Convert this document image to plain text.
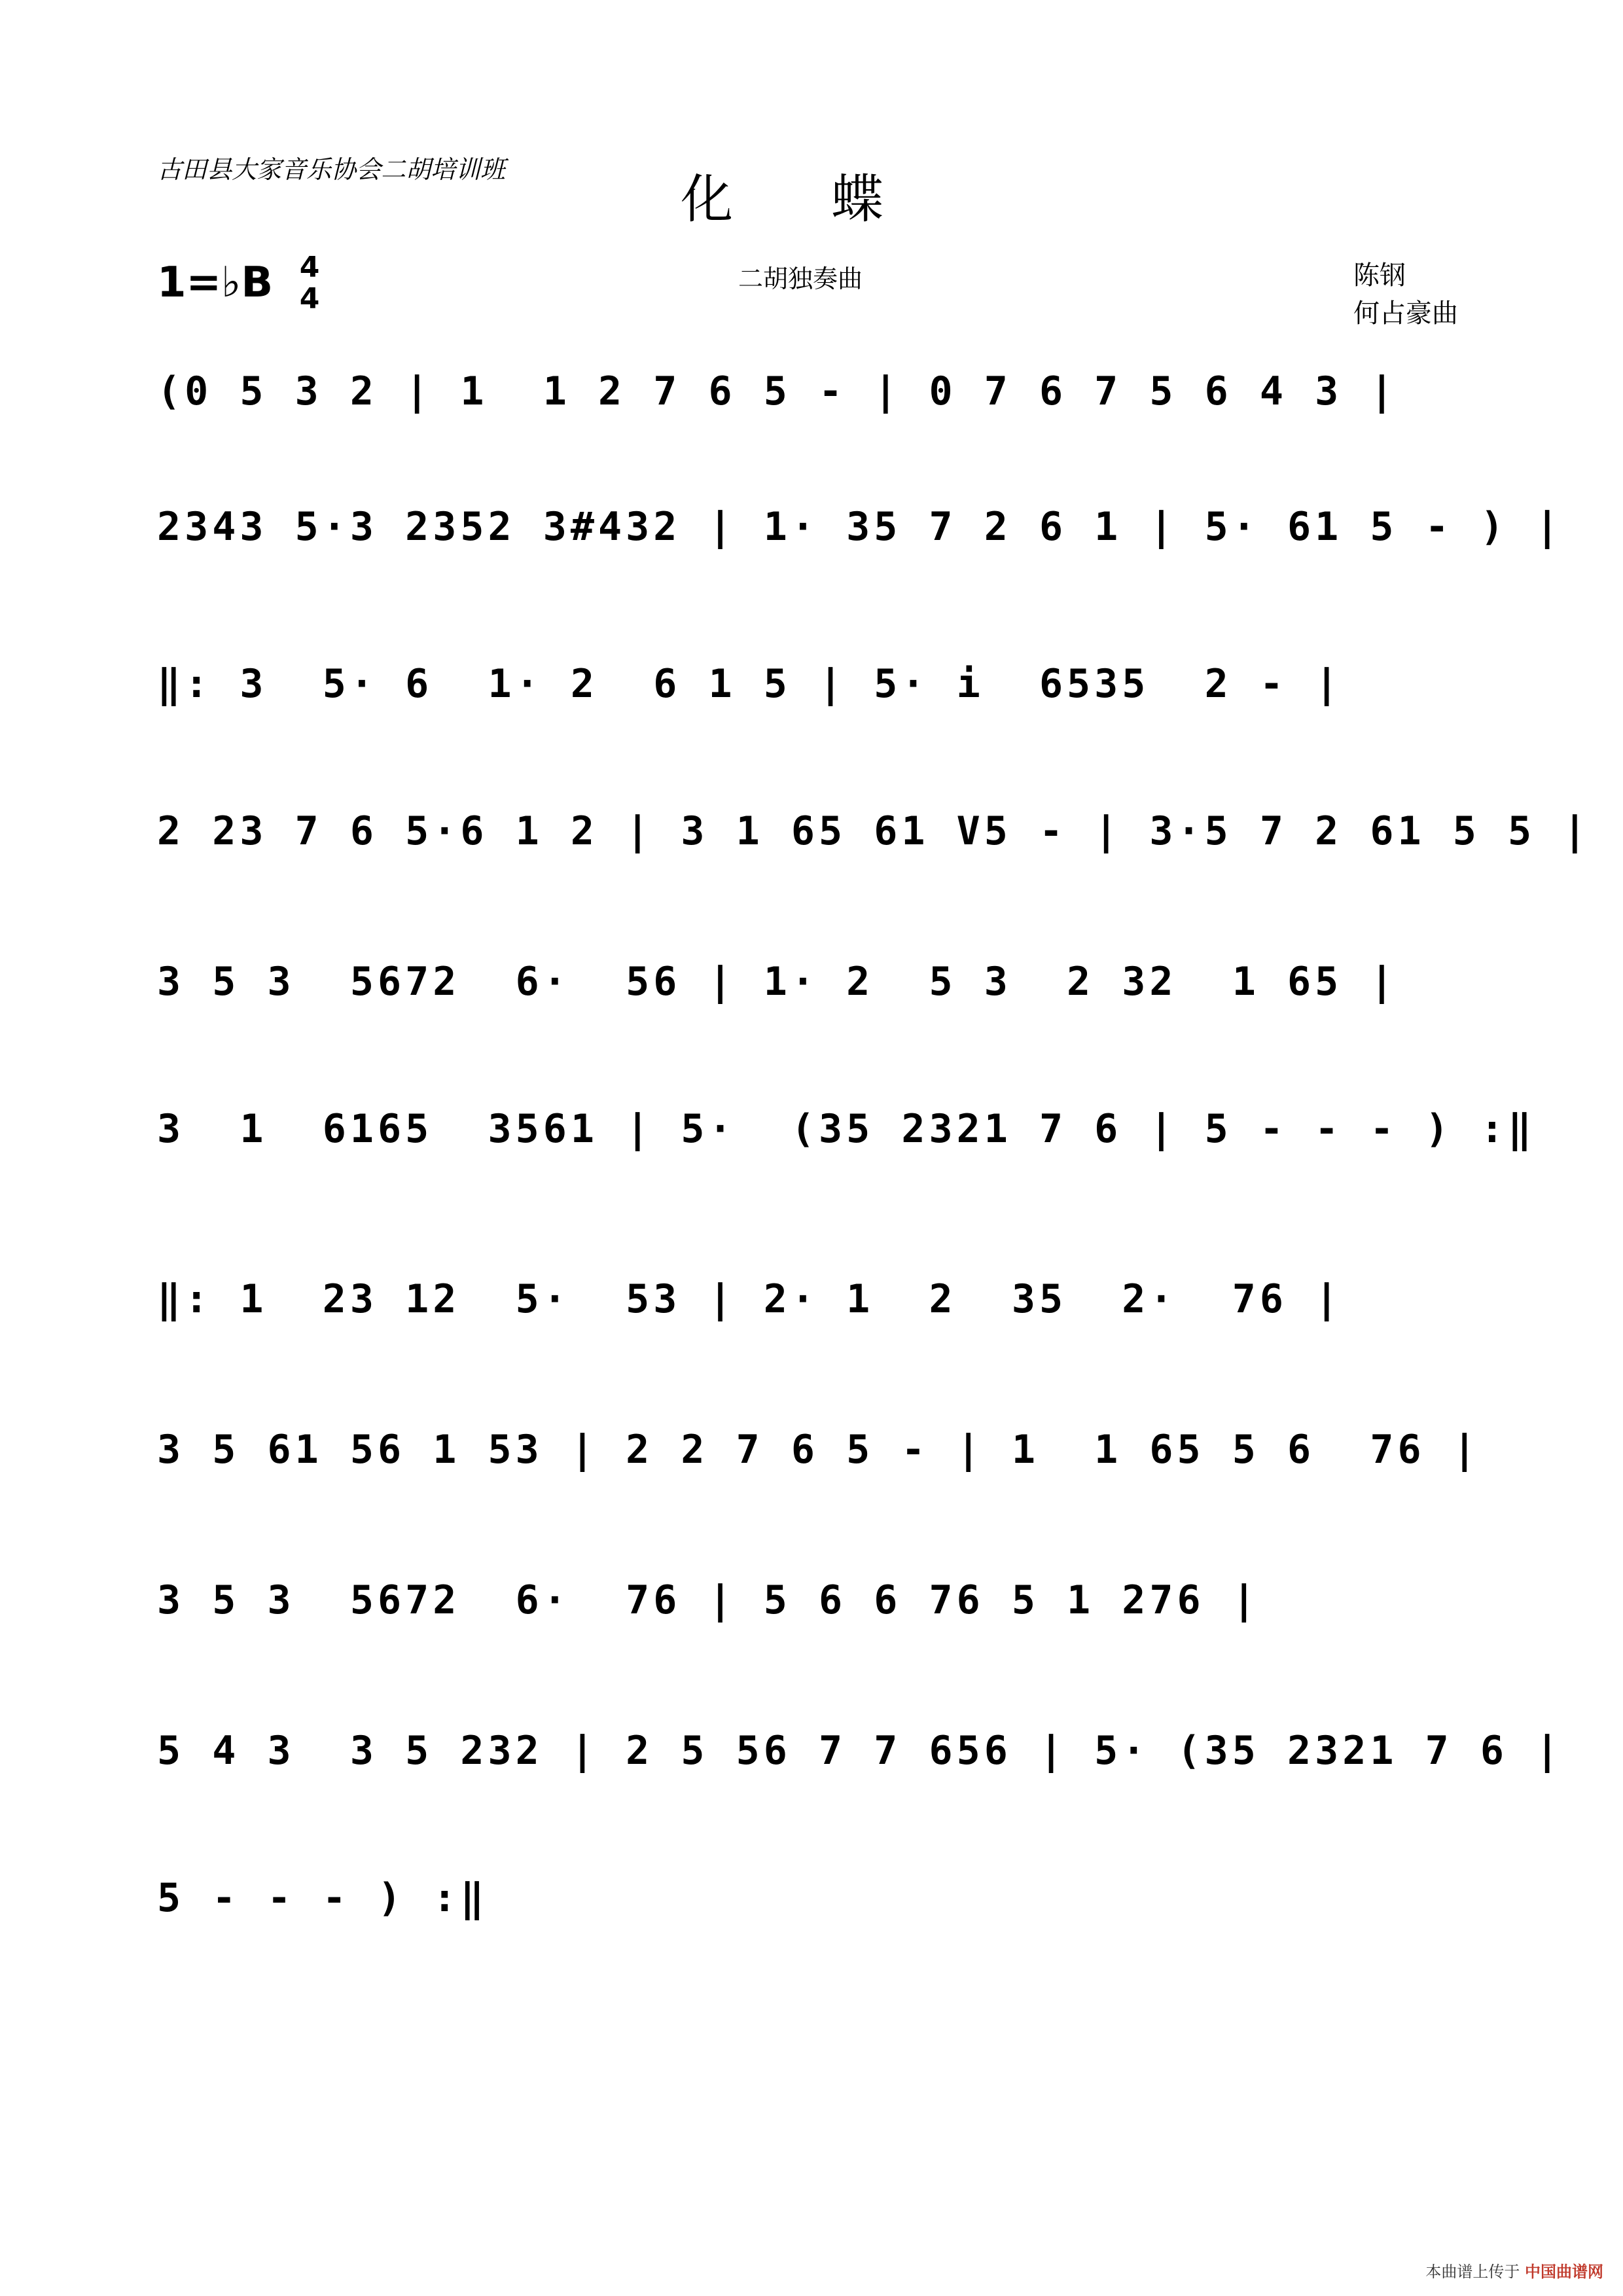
古田县大家音乐协会二胡培训班	化蝶
1=♭B 4
4
二胡独奏曲	陈钢
何占豪曲
(0 5 3 2 | 1  1 2 7 6 5 - | 0 7 6 7 5 6 4 3 |
2343 5·3 2352 3#432 | 1· 35 7 2 6 1 | 5· 61 5 - ) |
‖: 3  5· 6  1· 2  6 1 5 | 5· i  6535  2 - |
2 23 7 6 5·6 1 2 | 3 1 65 61 V5 - | 3·5 7 2 61 5 5 |
3 5 3  5672  6·  56 | 1· 2  5 3  2 32  1 65 |
3  1  6165  3561 | 5·  (35 2321 7 6 | 5 - - - ) :‖
‖: 1  23 12  5·  53 | 2· 1  2  35  2·  76 |
3 5 61 56 1 53 | 2 2 7 6 5 - | 1  1 65 5 6  76 |
3 5 3  5672  6·  76 | 5 6 6 76 5 1 276 |
5 4 3  3 5 232 | 2 5 56 7 7 656 | 5· (35 2321 7 6 |
5 - - - ) :‖
本曲谱上传于 中国曲谱网
